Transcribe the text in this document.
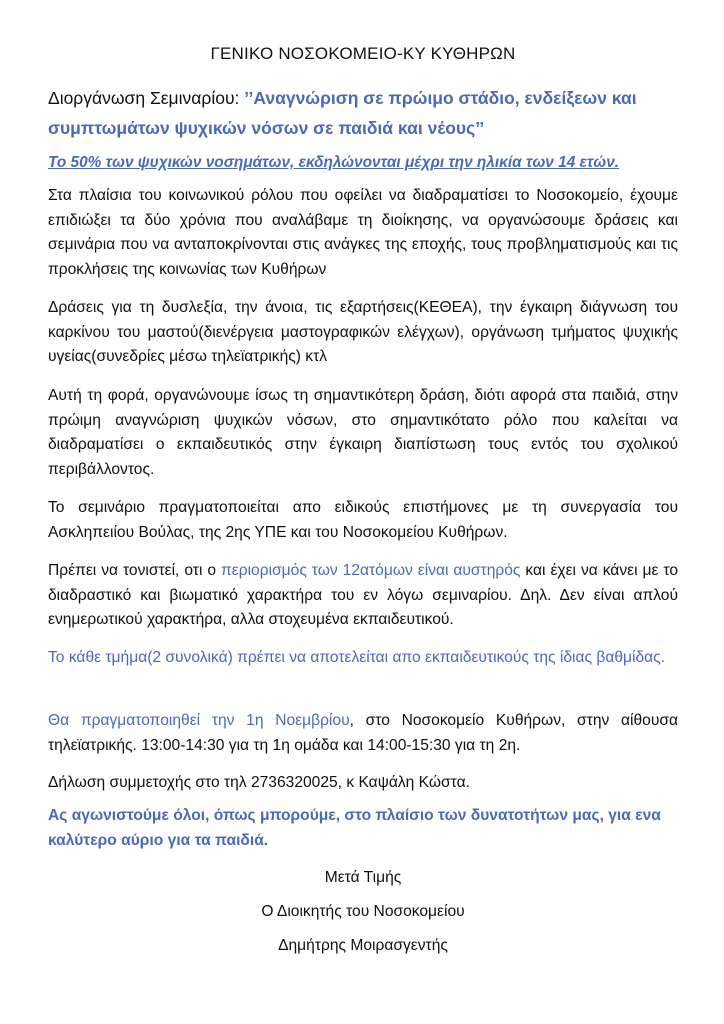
ΓΕΝΙΚΟ ΝΟΣΟΚΟΜΕΙΟ-ΚΥ ΚΥΘΗΡΩΝ

Διοργάνωση Σεμιναρίου: ’’Αναγνώριση σε πρώιμο στάδιο, ενδείξεων και συμπτωμάτων ψυχικών νόσων σε παιδιά και νέους’’

Το 50% των ψυχικών νοσημάτων, εκδηλώνονται μέχρι την ηλικία των 14 ετών.

Στα πλαίσια του κοινωνικού ρόλου που οφείλει να διαδραματίσει το Νοσοκομείο, έχουμε επιδιώξει τα δύο χρόνια που αναλάβαμε τη διοίκησης, να οργανώσουμε δράσεις και σεμινάρια που να ανταποκρίνονται στις ανάγκες της εποχής, τους προβληματισμούς και τις προκλήσεις της κοινωνίας των Κυθήρων

Δράσεις για τη δυσλεξία, την άνοια, τις εξαρτήσεις(ΚΕΘΕΑ), την έγκαιρη διάγνωση του καρκίνου του μαστού(διενέργεια μαστογραφικών ελέγχων), οργάνωση τμήματος ψυχικής υγείας(συνεδρίες μέσω τηλεϊατρικής) κτλ

Αυτή τη φορά, οργανώνουμε ίσως τη σημαντικότερη δράση, διότι αφορά στα παιδιά, στην πρώιμη αναγνώριση ψυχικών νόσων, στο σημαντικότατο ρόλο που καλείται να διαδραματίσει ο εκπαιδευτικός στην έγκαιρη διαπίστωση τους εντός του σχολικού περιβάλλοντος.

Το σεμινάριο πραγματοποιείται απο ειδικούς επιστήμονες με τη συνεργασία του Ασκληπειίου Βούλας, της 2ης ΥΠΕ και του Νοσοκομείου Κυθήρων.

Πρέπει να τονιστεί, οτι ο περιορισμός των 12ατόμων είναι αυστηρός και έχει να κάνει με το διαδραστικό και βιωματικό χαρακτήρα του εν λόγω σεμιναρίου. Δηλ. Δεν είναι απλού ενημερωτικού χαρακτήρα, αλλα στοχευμένα εκπαιδευτικού.

Το κάθε τμήμα(2 συνολικά) πρέπει να αποτελείται απο εκπαιδευτικούς της ίδιας βαθμίδας.

Θα πραγματοποιηθεί την 1η Νοεμβρίου, στο Νοσοκομείο Κυθήρων, στην αίθουσα τηλεϊατρικής. 13:00-14:30 για τη 1η ομάδα και 14:00-15:30 για τη 2η.

Δήλωση συμμετοχής στο τηλ 2736320025, κ Καψάλη Κώστα.

Ας αγωνιστούμε όλοι, όπως μπορούμε, στο πλαίσιο των δυνατοτήτων μας, για ενα καλύτερο αύριο για τα παιδιά.

Μετά Τιμής

Ο Διοικητής του Νοσοκομείου

Δημήτρης Μοιρασγεντής
